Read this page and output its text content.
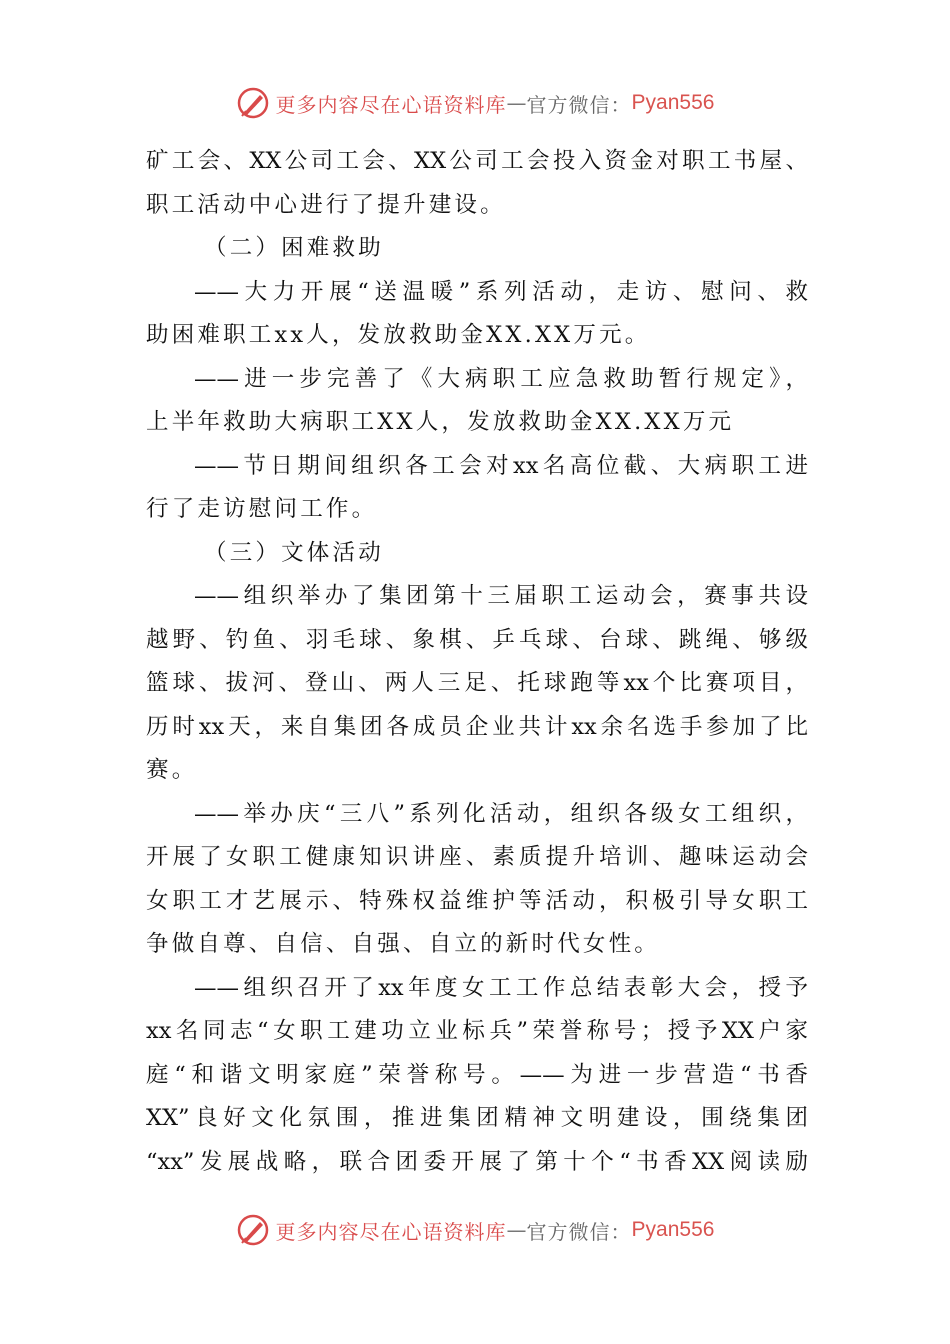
更多内容尽在心语资料库 — 官方微信： Pyan556
矿工会、XX公司工会、XX公司工会投入资金对职工书屋、
职工活动中心进行了提升建设。
（二）困难救助
——大力开展“送温暖”系列活动，走访、慰问、救
助困难职工xx人，发放救助金XX.XX万元。
——进一步完善了《大病职工应急救助暂行规定》，
上半年救助大病职工XX人，发放救助金XX.XX万元
——节日期间组织各工会对xx名高位截、大病职工进
行了走访慰问工作。
（三）文体活动
——组织举办了集团第十三届职工运动会，赛事共设
越野、钓鱼、羽毛球、象棋、乒乓球、台球、跳绳、够级
篮球、拔河、登山、两人三足、托球跑等xx个比赛项目，
历时xx天，来自集团各成员企业共计xx余名选手参加了比
赛。
——举办庆“三八”系列化活动，组织各级女工组织，
开展了女职工健康知识讲座、素质提升培训、趣味运动会
女职工才艺展示、特殊权益维护等活动，积极引导女职工
争做自尊、自信、自强、自立的新时代女性。
——组织召开了xx年度女工工作总结表彰大会，授予
xx名同志“女职工建功立业标兵”荣誉称号；授予XX户家
庭“和谐文明家庭”荣誉称号。——为进一步营造“书香
XX”良好文化氛围，推进集团精神文明建设，围绕集团
“xx”发展战略，联合团委开展了第十个“书香XX阅读励
更多内容尽在心语资料库 — 官方微信： Pyan556
